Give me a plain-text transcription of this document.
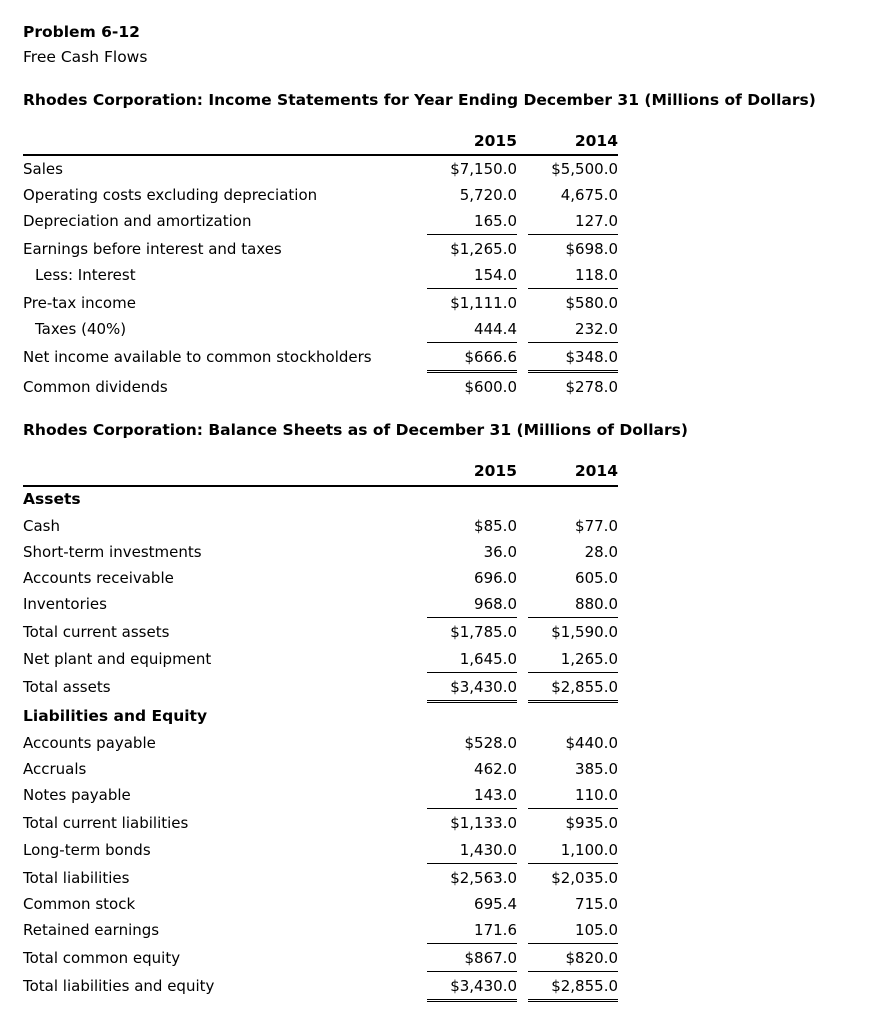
Problem 6-12
Free Cash Flows
Rhodes Corporation: Income Statements for Year Ending December 31 (Millions of Dollars)
2015	2014
Sales	$7,150.0	$5,500.0
Operating costs excluding depreciation	5,720.0	4,675.0
Depreciation and amortization	165.0	127.0
Earnings before interest and taxes	$1,265.0	$698.0
Less: Interest	154.0	118.0
Pre-tax income	$1,111.0	$580.0
Taxes (40%)	444.4	232.0
Net income available to common stockholders	$666.6	$348.0
Common dividends	$600.0	$278.0
Rhodes Corporation: Balance Sheets as of December 31 (Millions of Dollars)
2015	2014
Assets
Cash	$85.0	$77.0
Short-term investments	36.0	28.0
Accounts receivable	696.0	605.0
Inventories	968.0	880.0
Total current assets	$1,785.0	$1,590.0
Net plant and equipment	1,645.0	1,265.0
Total assets	$3,430.0	$2,855.0
Liabilities and Equity
Accounts payable	$528.0	$440.0
Accruals	462.0	385.0
Notes payable	143.0	110.0
Total current liabilities	$1,133.0	$935.0
Long-term bonds	1,430.0	1,100.0
Total liabilities	$2,563.0	$2,035.0
Common stock	695.4	715.0
Retained earnings	171.6	105.0
Total common equity	$867.0	$820.0
Total liabilities and equity	$3,430.0	$2,855.0
